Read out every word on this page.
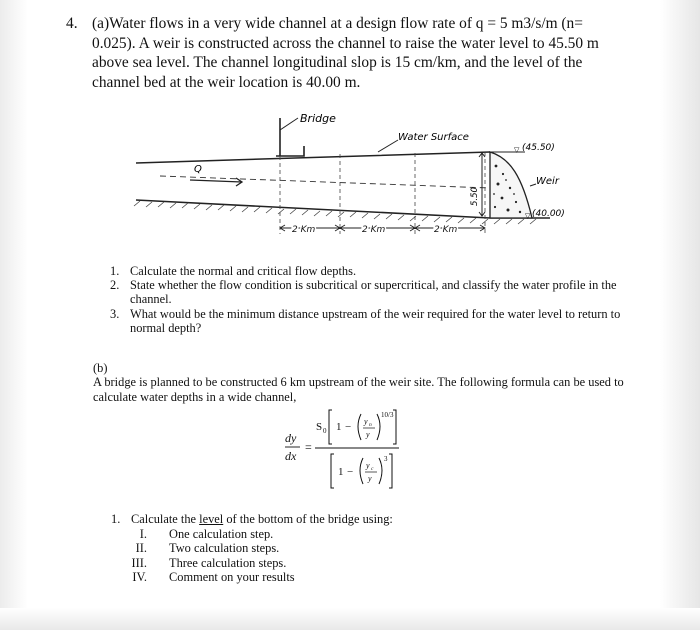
4. (a)Water flows in a very wide channel at a design flow rate of q = 5 m3/s/m (n= 0.025). A weir is constructed across the channel to raise the water level to 45.50 m above sea level. The channel longitudinal slop is 15 cm/km, and the level of the channel bed at the weir location is 40.00 m.
5.50
Bridge
Water Surface
Q
▽ (45.50)
Weir
▽ (40.00)
2 Km	2 Km	2 Km
1. Calculate the normal and critical flow depths.
2. State whether the flow condition is subcritical or supercritical, and classify the water profile in the channel.
3. What would be the minimum distance upstream of the weir required for the water level to return to normal depth?
(b)
A bridge is planned to be constructed 6 km upstream of the weir site. The following formula can be used to calculate water depths in a wide channel,
dy
dx
=
S 0 1 − y n
y
10/3
1 −
y c
y
3
1. Calculate the level of the bottom of the bridge using:
I. One calculation step.
II. Two calculation steps.
III. Three calculation steps.
IV. Comment on your results
